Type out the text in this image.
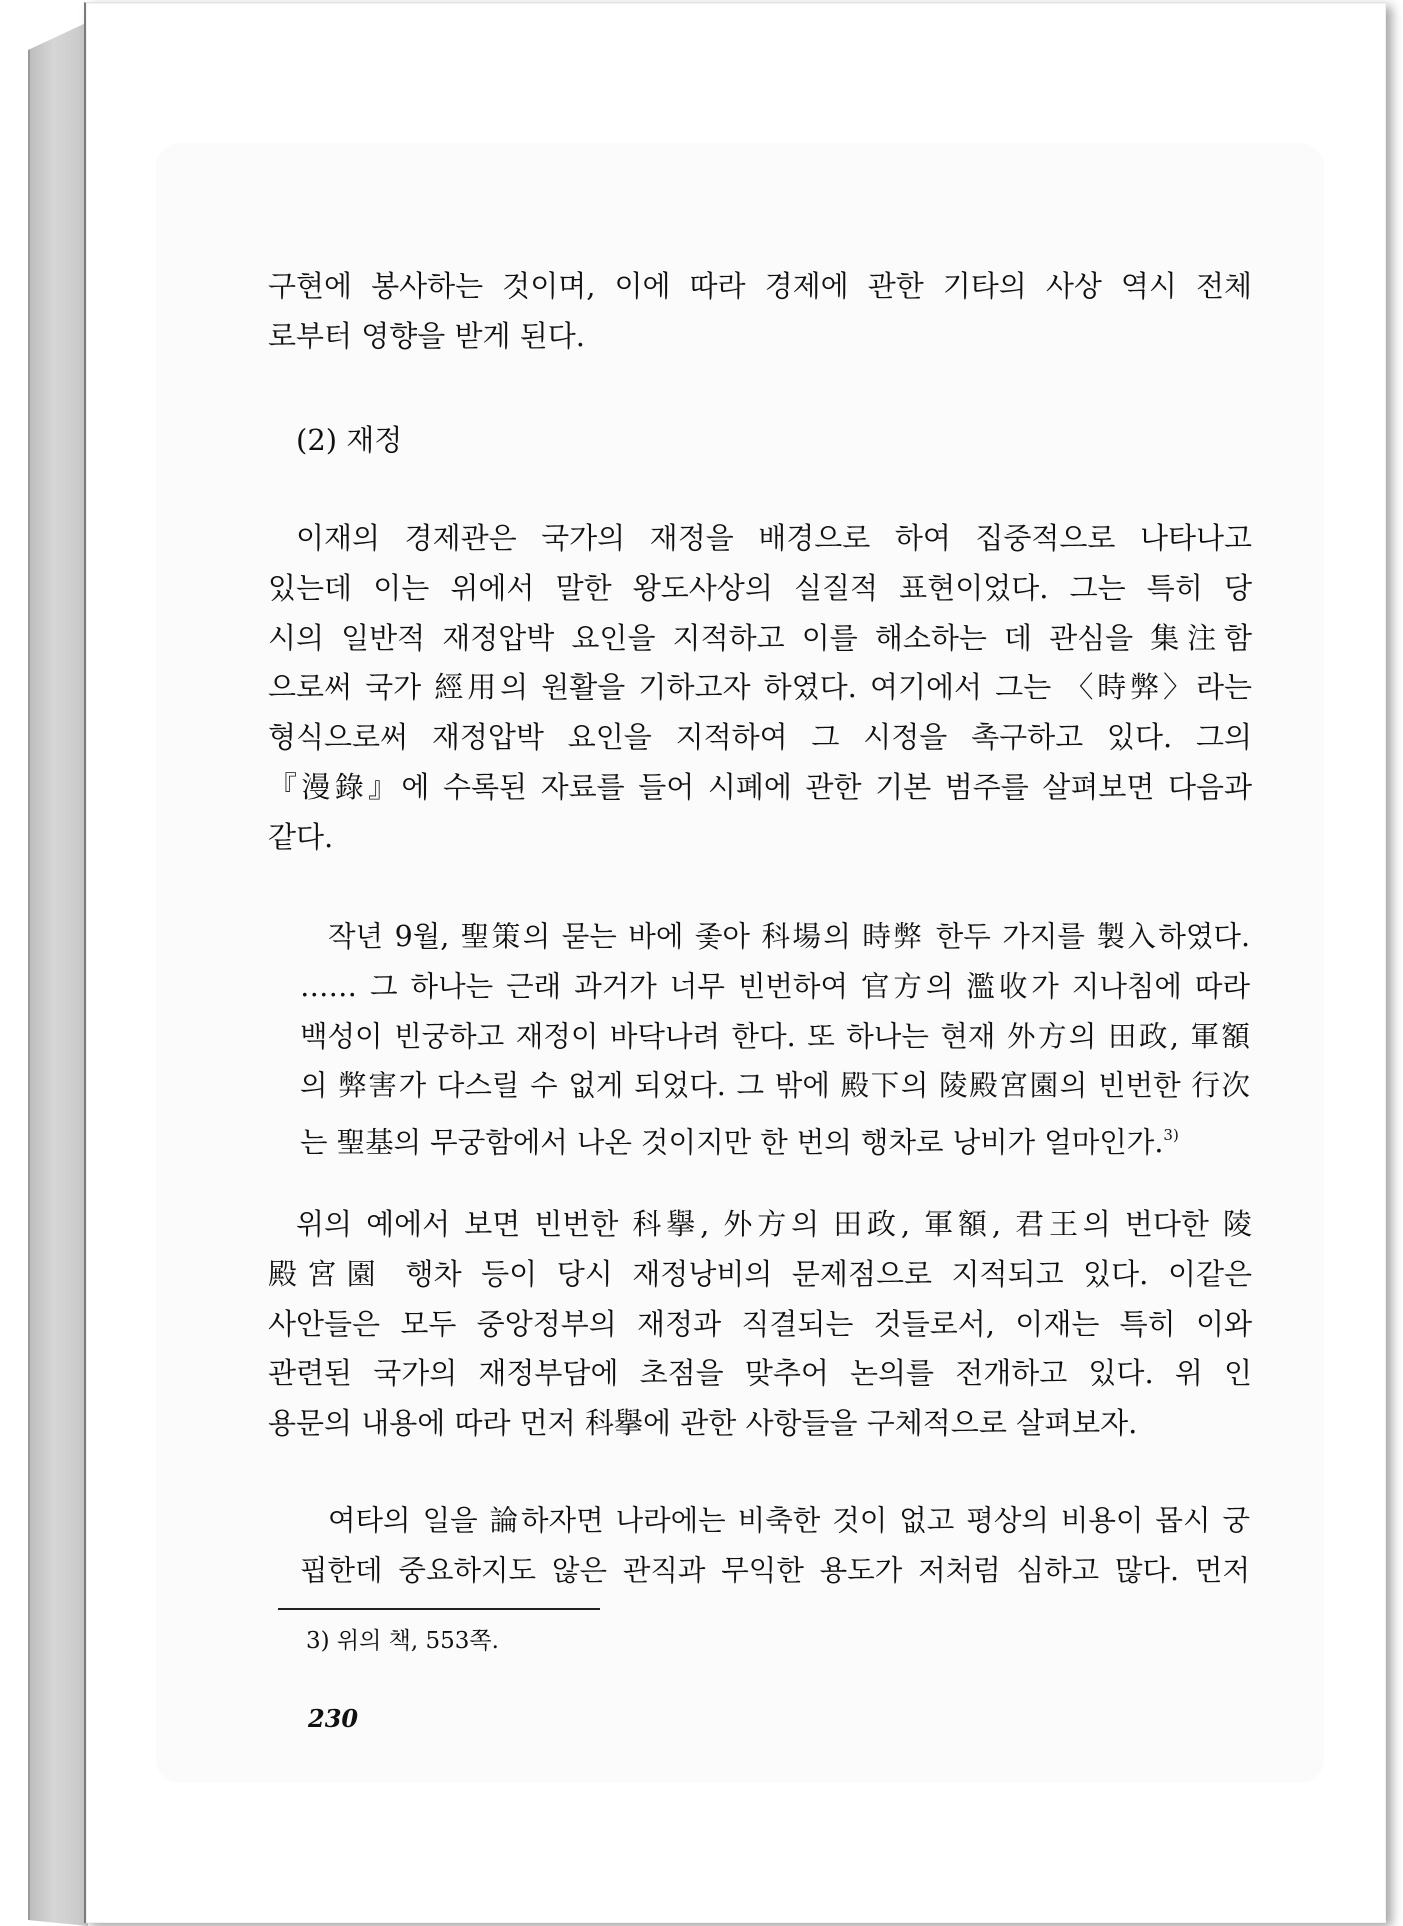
구현에 봉사하는 것이며, 이에 따라 경제에 관한 기타의 사상 역시 전체
로부터 영향을 받게 된다.
(2) 재정
이재의 경제관은 국가의 재정을 배경으로 하여 집중적으로 나타나고
있는데 이는 위에서 말한 왕도사상의 실질적 표현이었다. 그는 특히 당
시의 일반적 재정압박 요인을 지적하고 이를 해소하는 데 관심을 集注함
으로써 국가 經用의 원활을 기하고자 하였다. 여기에서 그는 〈時弊〉라는
형식으로써 재정압박 요인을 지적하여 그 시정을 촉구하고 있다. 그의
『漫錄』에 수록된 자료를 들어 시폐에 관한 기본 범주를 살펴보면 다음과
같다.
작년 9월, 聖策의 묻는 바에 좇아 科場의 時弊 한두 가지를 製入하였다.
…… 그 하나는 근래 과거가 너무 빈번하여 官方의 濫收가 지나침에 따라
백성이 빈궁하고 재정이 바닥나려 한다. 또 하나는 현재 外方의 田政, 軍額
의 弊害가 다스릴 수 없게 되었다. 그 밖에 殿下의 陵殿宮園의 빈번한 行次
는 聖基의 무궁함에서 나온 것이지만 한 번의 행차로 낭비가 얼마인가.$^{3)}$
위의 예에서 보면 빈번한 科擧, 外方의 田政, 軍額, 君王의 번다한 陵
殿宮園 행차 등이 당시 재정낭비의 문제점으로 지적되고 있다. 이같은
사안들은 모두 중앙정부의 재정과 직결되는 것들로서, 이재는 특히 이와
관련된 국가의 재정부담에 초점을 맞추어 논의를 전개하고 있다. 위 인
용문의 내용에 따라 먼저 科擧에 관한 사항들을 구체적으로 살펴보자.
여타의 일을 論하자면 나라에는 비축한 것이 없고 평상의 비용이 몹시 궁
핍한데 중요하지도 않은 관직과 무익한 용도가 저처럼 심하고 많다. 먼저
3) 위의 책, 553쪽.
230
